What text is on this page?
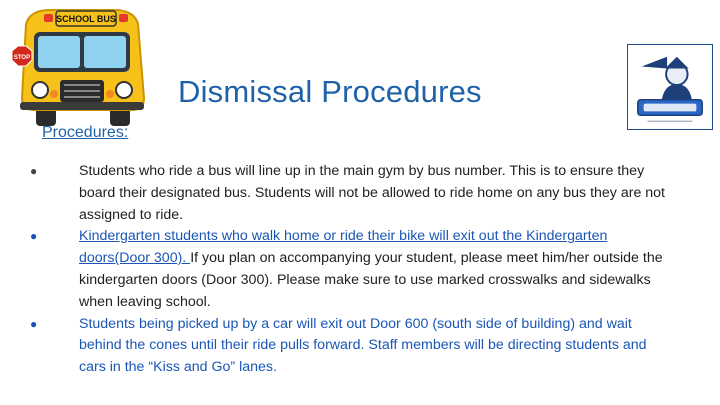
SCHOOL BUS
STOP
Dismissal Procedures
Procedures:
●	Students who ride a bus will line up in the main gym by bus number. This is to ensure they board their designated bus. Students will not be allowed to ride home on any bus they are not assigned to ride.
●	Kindergarten students who walk home or ride their bike will exit out the Kindergarten doors(Door 300). If you plan on accompanying your student, please meet him/her outside the kindergarten doors (Door 300). Please make sure to use marked crosswalks and sidewalks when leaving school.
●	Students being picked up by a car will exit out Door 600 (south side of building) and wait behind the cones until their ride pulls forward. Staff members will be directing students and cars in the “Kiss and Go” lanes.
